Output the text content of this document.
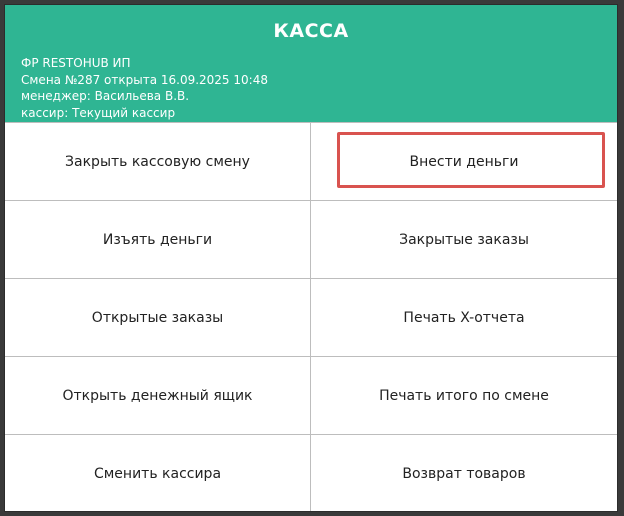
КАССА
ФР RESTOHUB ИП
Смена №287 открыта 16.09.2025 10:48
менеджер: Васильева В.В.
кассир: Текущий кассир
Закрыть кассовую смену	Внести деньги
Изъять деньги	Закрытые заказы
Открытые заказы	Печать X-отчета
Открыть денежный ящик	Печать итого по смене
Сменить кассира	Возврат товаров
